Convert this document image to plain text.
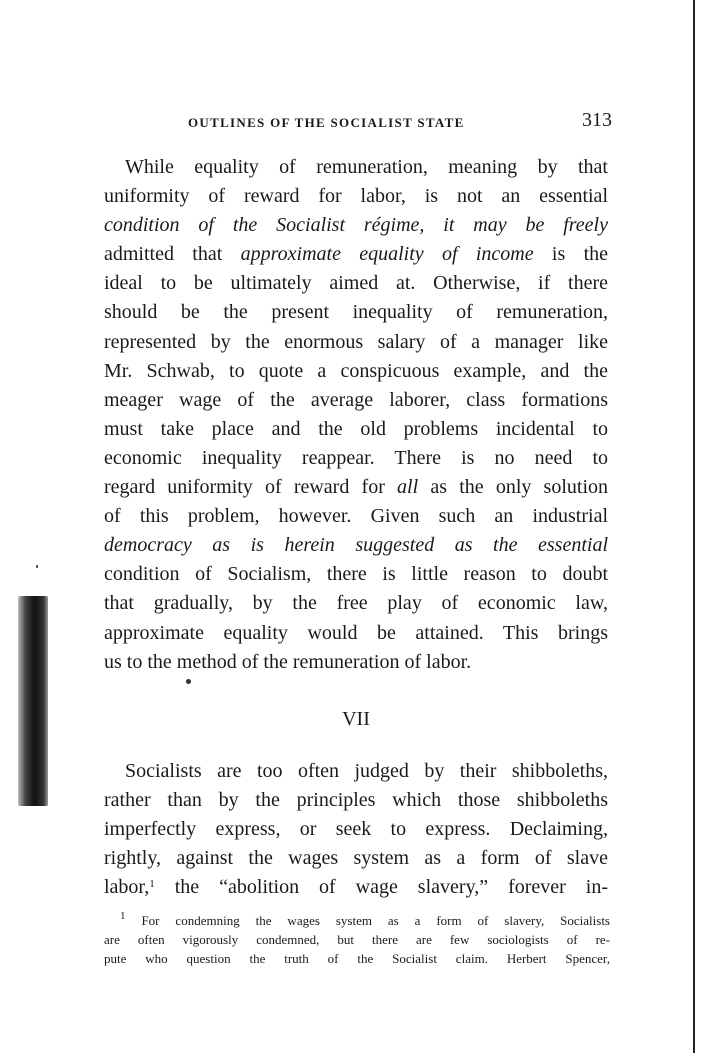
OUTLINES OF THE SOCIALIST STATE	313

While equality of remuneration, meaning by that
uniformity of reward for labor, is not an essential
condition of the Socialist régime, it may be freely
admitted that approximate equality of income is the
ideal to be ultimately aimed at. Otherwise, if there
should be the present inequality of remuneration,
represented by the enormous salary of a manager like
Mr. Schwab, to quote a conspicuous example, and the
meager wage of the average laborer, class formations
must take place and the old problems incidental to
economic inequality reappear. There is no need to
regard uniformity of reward for all as the only solution
of this problem, however. Given such an industrial
democracy as is herein suggested as the essential
condition of Socialism, there is little reason to doubt
that gradually, by the free play of economic law,
approximate equality would be attained. This brings
us to the method of the remuneration of labor.

VII

Socialists are too often judged by their shibboleths,
rather than by the principles which those shibboleths
imperfectly express, or seek to express. Declaiming,
rightly, against the wages system as a form of slave
labor,$^1$ the “abolition of wage slavery,” forever in-

$^1$ For condemning the wages system as a form of slavery, Socialists
are often vigorously condemned, but there are few sociologists of re-
pute who question the truth of the Socialist claim. Herbert Spencer,
